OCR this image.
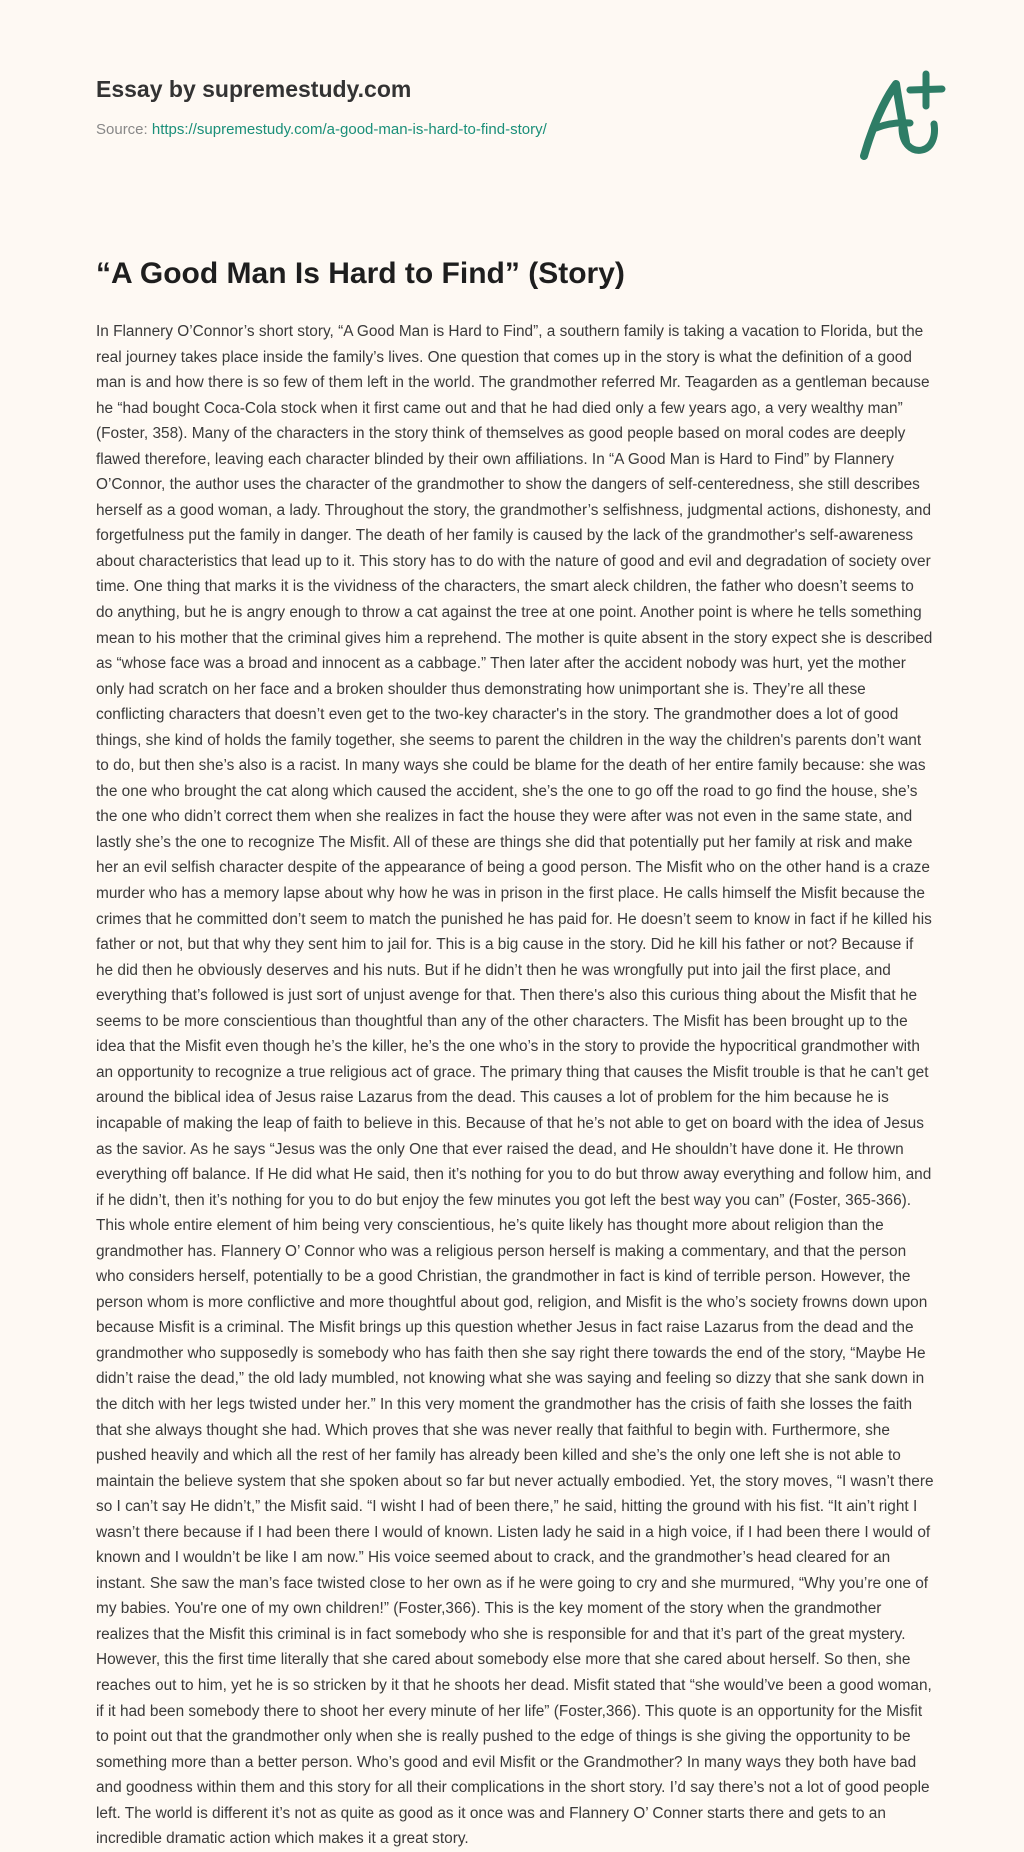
Essay by supremestudy.com
Source: https://supremestudy.com/a-good-man-is-hard-to-find-story/
“A Good Man Is Hard to Find” (Story)

In Flannery O’Connor’s short story, “A Good Man is Hard to Find”, a southern family is taking a vacation to Florida, but the real journey takes place inside the family’s lives. One question that comes up in the story is what the definition of a good man is and how there is so few of them left in the world. The grandmother referred Mr. Teagarden as a gentleman because he “had bought Coca-Cola stock when it first came out and that he had died only a few years ago, a very wealthy man” (Foster, 358). Many of the characters in the story think of themselves as good people based on moral codes are deeply flawed therefore, leaving each character blinded by their own affiliations. In “A Good Man is Hard to Find” by Flannery O’Connor, the author uses the character of the grandmother to show the dangers of self-centeredness, she still describes herself as a good woman, a lady. Throughout the story, the grandmother’s selfishness, judgmental actions, dishonesty, and forgetfulness put the family in danger. The death of her family is caused by the lack of the grandmother's self-awareness about characteristics that lead up to it. This story has to do with the nature of good and evil and degradation of society over time. One thing that marks it is the vividness of the characters, the smart aleck children, the father who doesn’t seems to do anything, but he is angry enough to throw a cat against the tree at one point. Another point is where he tells something mean to his mother that the criminal gives him a reprehend. The mother is quite absent in the story expect she is described as “whose face was a broad and innocent as a cabbage.” Then later after the accident nobody was hurt, yet the mother only had scratch on her face and a broken shoulder thus demonstrating how unimportant she is. They’re all these conflicting characters that doesn’t even get to the two-key character's in the story. The grandmother does a lot of good things, she kind of holds the family together, she seems to parent the children in the way the children's parents don’t want to do, but then she’s also is a racist. In many ways she could be blame for the death of her entire family because: she was the one who brought the cat along which caused the accident, she’s the one to go off the road to go find the house, she’s the one who didn’t correct them when she realizes in fact the house they were after was not even in the same state, and lastly she’s the one to recognize The Misfit. All of these are things she did that potentially put her family at risk and make her an evil selfish character despite of the appearance of being a good person. The Misfit who on the other hand is a craze murder who has a memory lapse about why how he was in prison in the first place. He calls himself the Misfit because the crimes that he committed don’t seem to match the punished he has paid for. He doesn’t seem to know in fact if he killed his father or not, but that why they sent him to jail for. This is a big cause in the story. Did he kill his father or not? Because if he did then he obviously deserves and his nuts. But if he didn’t then he was wrongfully put into jail the first place, and everything that’s followed is just sort of unjust avenge for that. Then there's also this curious thing about the Misfit that he seems to be more conscientious than thoughtful than any of the other characters. The Misfit has been brought up to the idea that the Misfit even though he’s the killer, he’s the one who’s in the story to provide the hypocritical grandmother with an opportunity to recognize a true religious act of grace. The primary thing that causes the Misfit trouble is that he can't get around the biblical idea of Jesus raise Lazarus from the dead. This causes a lot of problem for the him because he is incapable of making the leap of faith to believe in this. Because of that he’s not able to get on board with the idea of Jesus as the savior. As he says “Jesus was the only One that ever raised the dead, and He shouldn’t have done it. He thrown everything off balance. If He did what He said, then it’s nothing for you to do but throw away everything and follow him, and if he didn’t, then it’s nothing for you to do but enjoy the few minutes you got left the best way you can” (Foster, 365-366). This whole entire element of him being very conscientious, he’s quite likely has thought more about religion than the grandmother has. Flannery O’ Connor who was a religious person herself is making a commentary, and that the person who considers herself, potentially to be a good Christian, the grandmother in fact is kind of terrible person. However, the person whom is more conflictive and more thoughtful about god, religion, and Misfit is the who’s society frowns down upon because Misfit is a criminal. The Misfit brings up this question whether Jesus in fact raise Lazarus from the dead and the grandmother who supposedly is somebody who has faith then she say right there towards the end of the story, “Maybe He didn’t raise the dead,” the old lady mumbled, not knowing what she was saying and feeling so dizzy that she sank down in the ditch with her legs twisted under her.” In this very moment the grandmother has the crisis of faith she losses the faith that she always thought she had. Which proves that she was never really that faithful to begin with. Furthermore, she pushed heavily and which all the rest of her family has already been killed and she’s the only one left she is not able to maintain the believe system that she spoken about so far but never actually embodied. Yet, the story moves, “I wasn’t there so I can’t say He didn’t,” the Misfit said. “I wisht I had of been there,” he said, hitting the ground with his fist. “It ain’t right I wasn’t there because if I had been there I would of known. Listen lady he said in a high voice, if I had been there I would of known and I wouldn’t be like I am now.” His voice seemed about to crack, and the grandmother’s head cleared for an instant. She saw the man’s face twisted close to her own as if he were going to cry and she murmured, “Why you’re one of my babies. You're one of my own children!” (Foster,366). This is the key moment of the story when the grandmother realizes that the Misfit this criminal is in fact somebody who she is responsible for and that it’s part of the great mystery. However, this the first time literally that she cared about somebody else more that she cared about herself. So then, she reaches out to him, yet he is so stricken by it that he shoots her dead. Misfit stated that “she would’ve been a good woman, if it had been somebody there to shoot her every minute of her life” (Foster,366). This quote is an opportunity for the Misfit to point out that the grandmother only when she is really pushed to the edge of things is she giving the opportunity to be something more than a better person. Who’s good and evil Misfit or the Grandmother? In many ways they both have bad and goodness within them and this story for all their complications in the short story. I’d say there’s not a lot of good people left. The world is different it’s not as quite as good as it once was and Flannery O’ Conner starts there and gets to an incredible dramatic action which makes it a great story.
